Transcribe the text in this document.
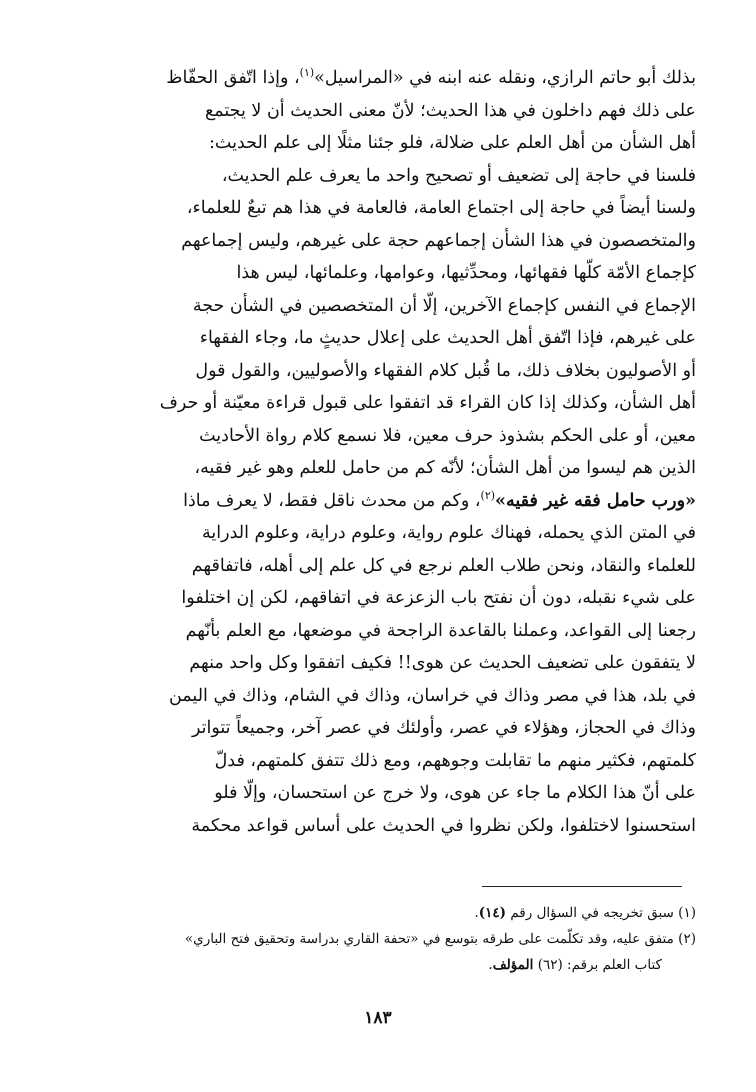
بذلك أبو حاتم الرازي، ونقله عنه ابنه في «المراسيل»$^{(١)}$، وإذا اتّفق الحفّاظ
على ذلك فهم داخلون في هذا الحديث؛ لأنّ معنى الحديث أن لا يجتمع
أهل الشأن من أهل العلم على ضلالة، فلو جئنا مثلًا إلى علم الحديث:
فلسنا في حاجة إلى تضعيف أو تصحيح واحد ما يعرف علم الحديث،
ولسنا أيضاً في حاجة إلى اجتماع العامة، فالعامة في هذا هم تبعٌ للعلماء،
والمتخصصون في هذا الشأن إجماعهم حجة على غيرهم، وليس إجماعهم
كإجماع الأمّة كلّها فقهائها، ومحدِّثيها، وعوامها، وعلمائها، ليس هذا
الإجماع في النفس كإجماع الآخرين، إلّا أن المتخصصين في الشأن حجة
على غيرهم، فإذا اتّفق أهل الحديث على إعلال حديثٍ ما، وجاء الفقهاء
أو الأصوليون بخلاف ذلك، ما قُبل كلام الفقهاء والأصوليين، والقول قول
أهل الشأن، وكذلك إذا كان القراء قد اتفقوا على قبول قراءة معيّنة أو حرف
معين، أو على الحكم بشذوذ حرف معين، فلا نسمع كلام رواة الأحاديث
الذين هم ليسوا من أهل الشأن؛ لأنّه كم من حامل للعلم وهو غير فقيه،
«ورب حامل فقه غير فقيه»$^{(٢)}$، وكم من محدث ناقل فقط، لا يعرف ماذا
في المتن الذي يحمله، فهناك علوم رواية، وعلوم دراية، وعلوم الدراية
للعلماء والنقاد، ونحن طلاب العلم نرجع في كل علم إلى أهله، فاتفاقهم
على شيء نقبله، دون أن نفتح باب الزعزعة في اتفاقهم، لكن إن اختلفوا
رجعنا إلى القواعد، وعملنا بالقاعدة الراجحة في موضعها، مع العلم بأنّهم
لا يتفقون على تضعيف الحديث عن هوى!! فكيف اتفقوا وكل واحد منهم
في بلد، هذا في مصر وذاك في خراسان، وذاك في الشام، وذاك في اليمن
وذاك في الحجاز، وهؤلاء في عصر، وأولئك في عصر آخر، وجميعاً تتواتر
كلمتهم، فكثير منهم ما تقابلت وجوههم، ومع ذلك تتفق كلمتهم، فدلّ
على أنّ هذا الكلام ما جاء عن هوى، ولا خرج عن استحسان، وإلّا فلو
استحسنوا لاختلفوا، ولكن نظروا في الحديث على أساس قواعد محكمة
(١) سبق تخريجه في السؤال رقم (١٤).
(٢) متفق عليه، وقد تكلّمت على طرقه بتوسع في «تحفة القاري بدراسة وتحقيق فتح الباري»
كتاب العلم برقم: (٦٢) المؤلف.
١٨٣
